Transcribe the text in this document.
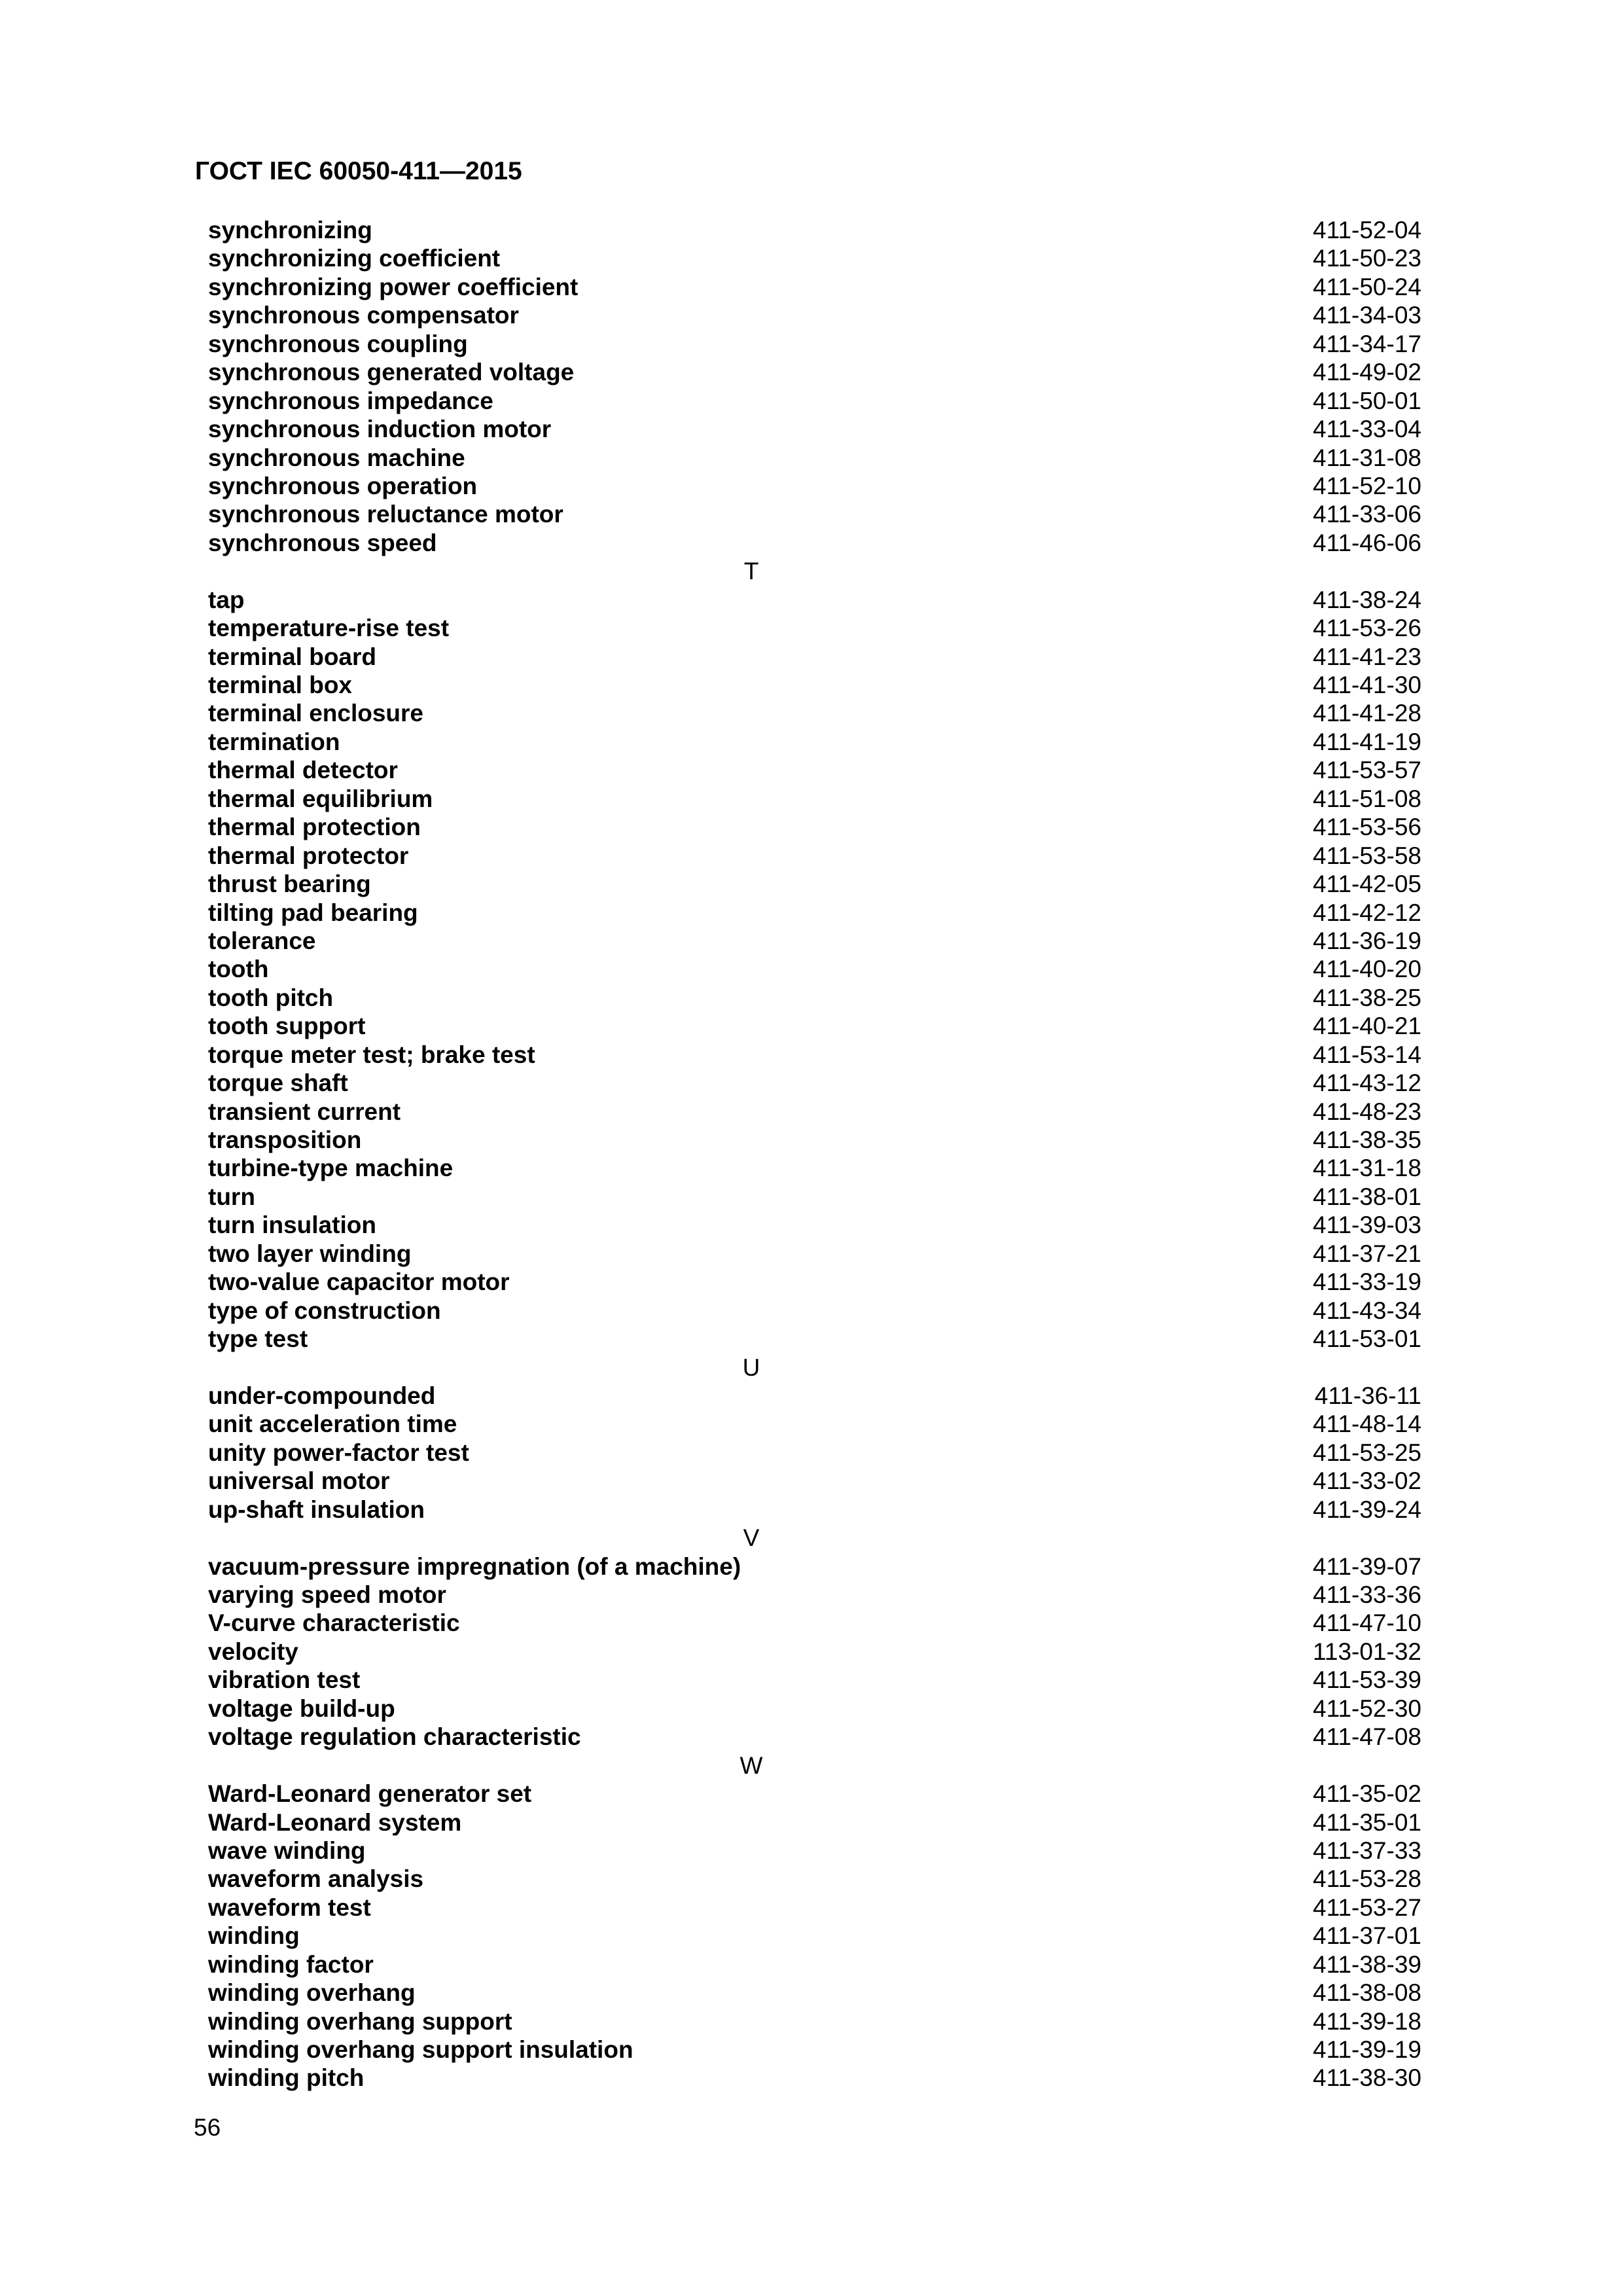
ГОСТ IEC 60050-411—2015
synchronizing	411-52-04
synchronizing coefficient	411-50-23
synchronizing power coefficient	411-50-24
synchronous compensator	411-34-03
synchronous coupling	411-34-17
synchronous generated voltage	411-49-02
synchronous impedance	411-50-01
synchronous induction motor	411-33-04
synchronous machine	411-31-08
synchronous operation	411-52-10
synchronous reluctance motor	411-33-06
synchronous speed	411-46-06
T
tap	411-38-24
temperature-rise test	411-53-26
terminal board	411-41-23
terminal box	411-41-30
terminal enclosure	411-41-28
termination	411-41-19
thermal detector	411-53-57
thermal equilibrium	411-51-08
thermal protection	411-53-56
thermal protector	411-53-58
thrust bearing	411-42-05
tilting pad bearing	411-42-12
tolerance	411-36-19
tooth	411-40-20
tooth pitch	411-38-25
tooth support	411-40-21
torque meter test; brake test	411-53-14
torque shaft	411-43-12
transient current	411-48-23
transposition	411-38-35
turbine-type machine	411-31-18
turn	411-38-01
turn insulation	411-39-03
two layer winding	411-37-21
two-value capacitor motor	411-33-19
type of construction	411-43-34
type test	411-53-01
U
under-compounded	411-36-11
unit acceleration time	411-48-14
unity power-factor test	411-53-25
universal motor	411-33-02
up-shaft insulation	411-39-24
V
vacuum-pressure impregnation (of a machine)	411-39-07
varying speed motor	411-33-36
V-curve characteristic	411-47-10
velocity	113-01-32
vibration test	411-53-39
voltage build-up	411-52-30
voltage regulation characteristic	411-47-08
W
Ward-Leonard generator set	411-35-02
Ward-Leonard system	411-35-01
wave winding	411-37-33
waveform analysis	411-53-28
waveform test	411-53-27
winding	411-37-01
winding factor	411-38-39
winding overhang	411-38-08
winding overhang support	411-39-18
winding overhang support insulation	411-39-19
winding pitch	411-38-30
56
